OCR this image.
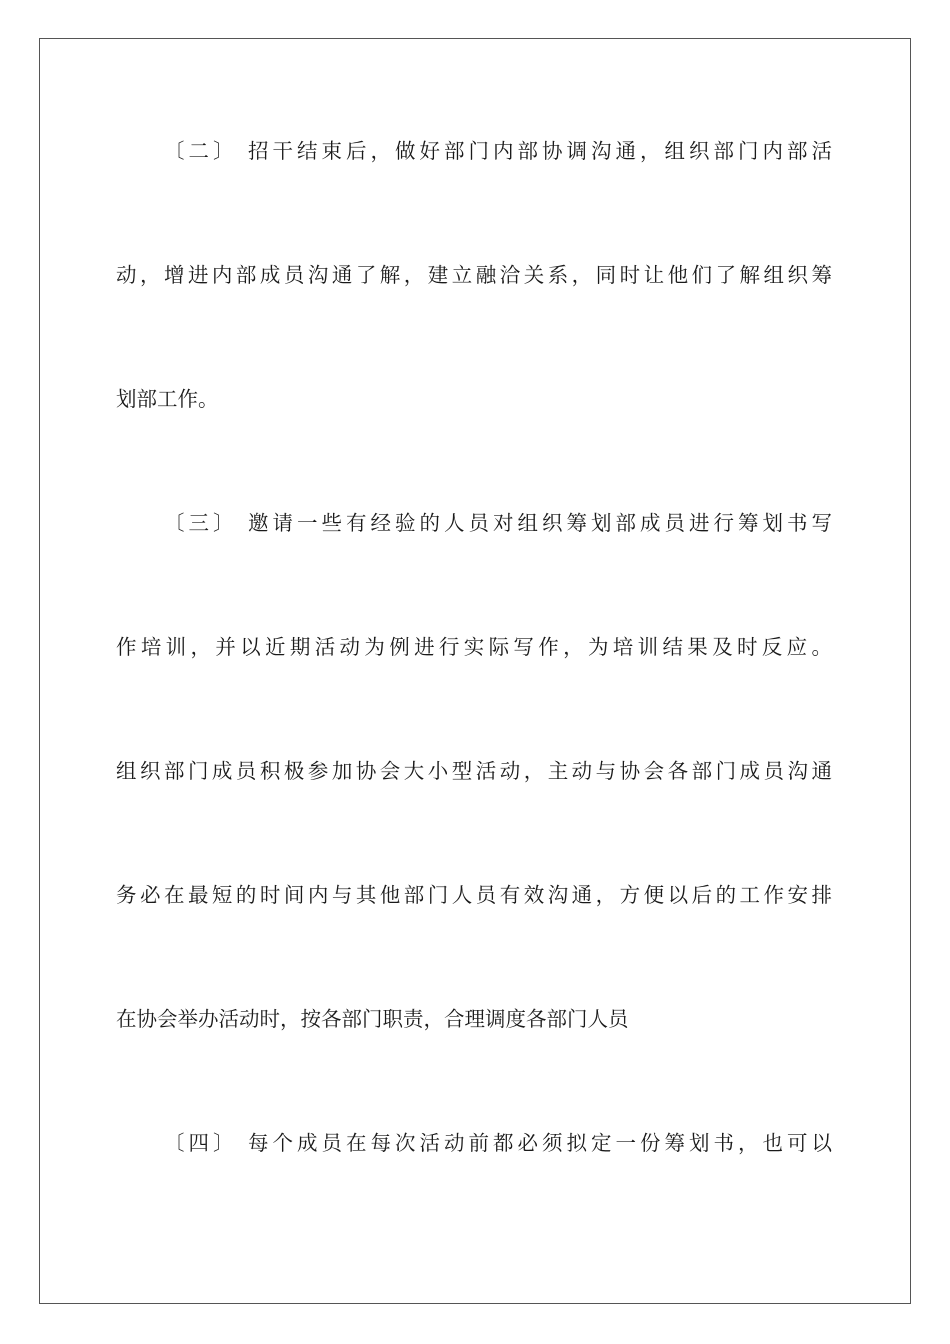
〔二〕 招干结束后，做好部门内部协调沟通，组织部门内部活
动，增进内部成员沟通了解，建立融洽关系，同时让他们了解组织筹
划部工作。
〔三〕 邀请一些有经验的人员对组织筹划部成员进行筹划书写
作培训，并以近期活动为例进行实际写作，为培训结果及时反应。
组织部门成员积极参加协会大小型活动，主动与协会各部门成员沟通
务必在最短的时间内与其他部门人员有效沟通，方便以后的工作安排
在协会举办活动时，按各部门职责，合理调度各部门人员
〔四〕 每个成员在每次活动前都必须拟定一份筹划书，也可以
